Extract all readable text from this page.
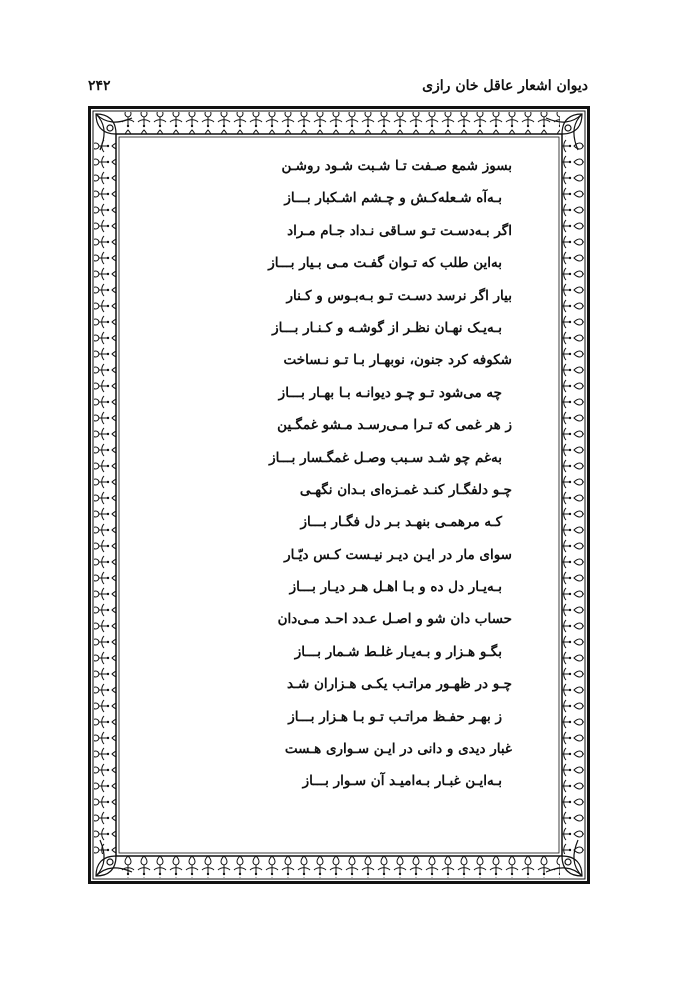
دیوان اشعار عاقل خان رازی
۲۴۲
بسوز شمع صـفت تـا شـبت شـود روشـن
بـه‌آه شـعله‌کـش و چـشم اشـکبار بـــاز
اگر بـه‌دسـت تـو سـاقی نـداد جـام مـراد
به‌این طلب که تـوان گفـت مـی بـیار بـــاز
بیار اگر نرسد دسـت تـو بـه‌بـوس و کـنار
بـه‌یـک نهـان نظـر از گوشـه و کـنـار بـــاز
شکوفه کرد جنون، نوبهـار بـا تـو نـساخت
چه می‌شود تـو چـو دیوانـه بـا بهـار بـــاز
ز هر غمی که تـرا مـی‌رسـد مـشو غمگـین
به‌غم چو شـد سـبب وصـل غمگـسار بـــاز
چـو دلفگـار کنـد غمـزه‌ای بـدان نگهـی
کـه مرهمـی بنهـد بـر دل فگـار بـــاز
سوای مار در ایـن دیـر نیـست کـس دیّـار
بـه‌یـار دل ده و بـا اهـل هـر دیـار بـــاز
حساب دان شو و اصـل عـدد احـد مـی‌دان
بگـو هـزار و بـه‌یـار غلـط شـمار بـــاز
چـو در ظهـور مراتـب یکـی هـزاران شـد
ز بهـر حفـظ مراتـب تـو بـا هـزار بـــاز
غبار دیدی و دانی در ایـن سـواری هـست
بـه‌ایـن غبـار بـه‌امیـد آن سـوار بـــاز
